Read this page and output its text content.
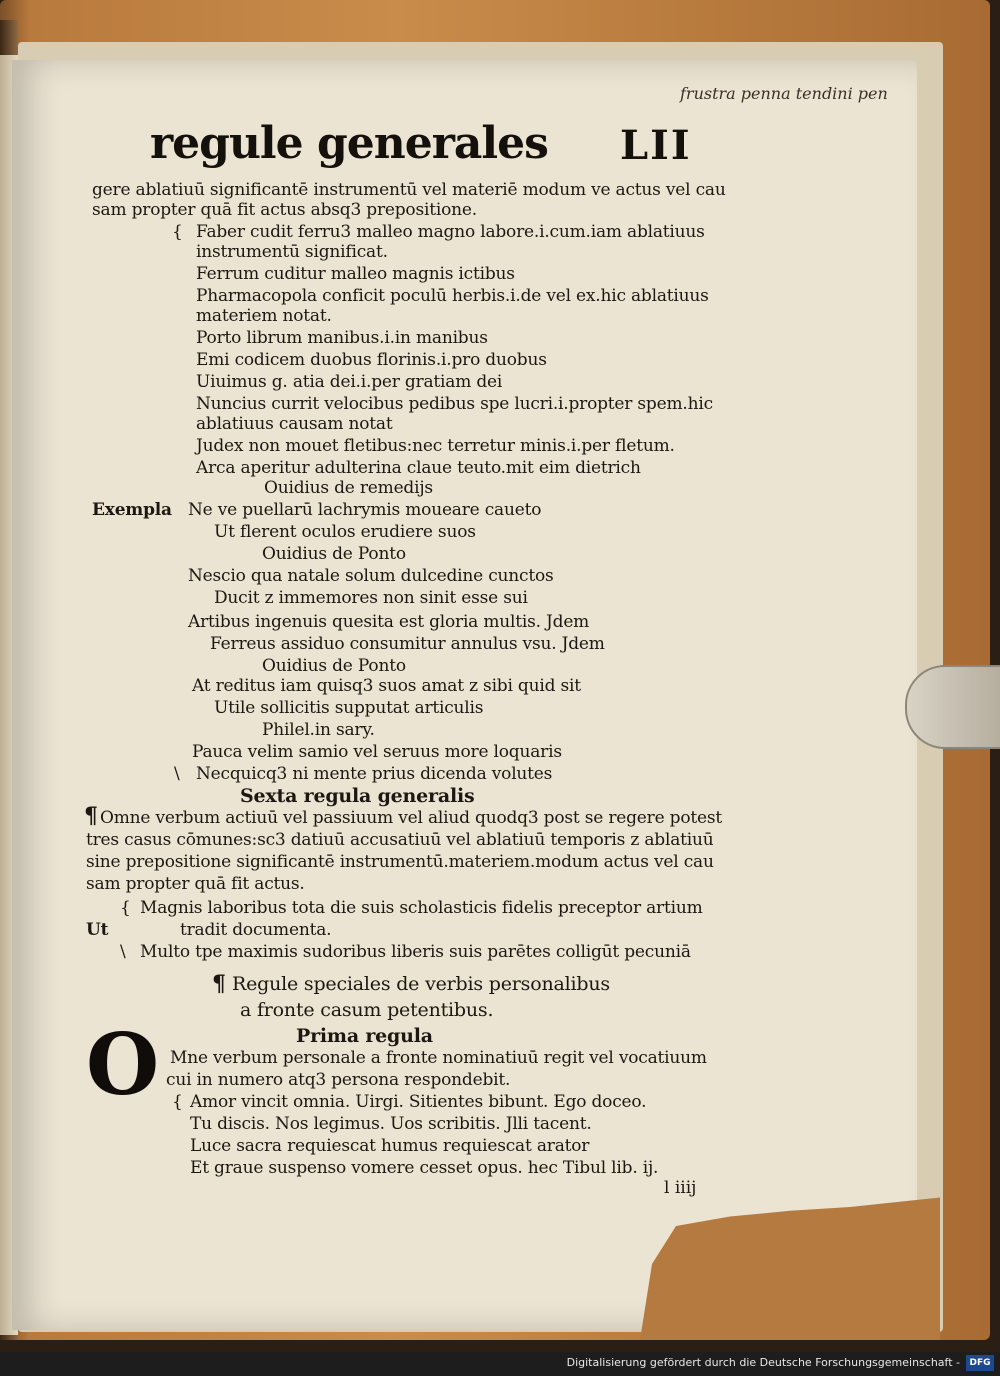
frustra penna tendini pen
regule generales LII
gere ablatiuū significantē instrumentū vel materiē modum ve actus vel cau
sam propter quā fit actus absq3 prepositione.
{ Faber cudit ferru3 malleo magno labore.i.cum.iam ablatiuus
instrumentū significat.
Ferrum cuditur malleo magnis ictibus
Pharmacopola conficit poculū herbis.i.de vel ex.hic ablatiuus
materiem notat.
Porto librum manibus.i.in manibus
Emi codicem duobus florinis.i.pro duobus
Uiuimus g. atia dei.i.per gratiam dei
Nuncius currit velocibus pedibus spe lucri.i.propter spem.hic
ablatiuus causam notat
Judex non mouet fletibus:nec terretur minis.i.per fletum.
Arca aperitur adulterina claue teuto.mit eim dietrich
Ouidius de remedijs
Exempla Ne ve puellarū lachrymis moueare caueto
Ut flerent oculos erudiere suos
Ouidius de Ponto
Nescio qua natale solum dulcedine cunctos
Ducit z immemores non sinit esse sui
Artibus ingenuis quesita est gloria multis. Jdem
Ferreus assiduo consumitur annulus vsu. Jdem
Ouidius de Ponto
At reditus iam quisq3 suos amat z sibi quid sit
Utile sollicitis supputat articulis
Philel.in sary.
Pauca velim samio vel seruus more loquaris
\ Necquicq3 ni mente prius dicenda volutes
Sexta regula generalis
¶ Omne verbum actiuū vel passiuum vel aliud quodq3 post se regere potest
tres casus cōmunes:sc3 datiuū accusatiuū vel ablatiuū temporis z ablatiuū
sine prepositione significantē instrumentū.materiem.modum actus vel cau
sam propter quā fit actus.
{ Magnis laboribus tota die suis scholasticis fidelis preceptor artium
Ut	tradit documenta.
\ Multo tpe maximis sudoribus liberis suis parētes colligūt pecuniā
¶ Regule speciales de verbis personalibus
a fronte casum petentibus.
Prima regula
O Mne verbum personale a fronte nominatiuū regit vel vocatiuum
cui in numero atq3 persona respondebit.
{ Amor vincit omnia. Uirgi. Sitientes bibunt. Ego doceo.
Tu discis. Nos legimus. Uos scribitis. Jlli tacent.
Luce sacra requiescat humus requiescat arator
Et graue suspenso vomere cesset opus. hec Tibul lib. ij.
l iiij
Digitalisierung gefördert durch die Deutsche Forschungsgemeinschaft -	DFG
